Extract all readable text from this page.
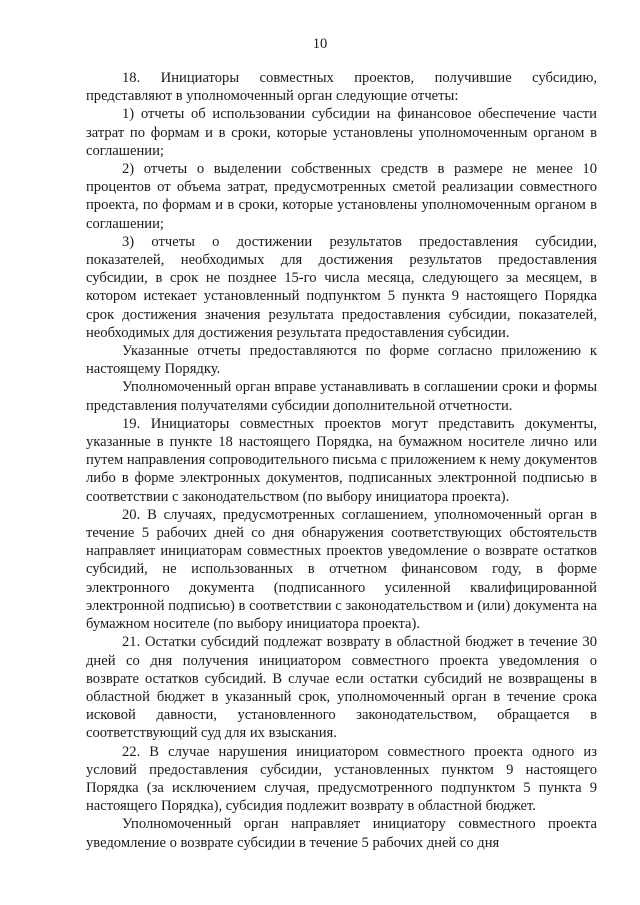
10

18. Инициаторы совместных проектов, получившие субсидию, представляют в уполномоченный орган следующие отчеты:

1) отчеты об использовании субсидии на финансовое обеспечение части затрат по формам и в сроки, которые установлены уполномоченным органом в соглашении;

2) отчеты о выделении собственных средств в размере не менее 10 процентов от объема затрат, предусмотренных сметой реализации совместного проекта, по формам и в сроки, которые установлены уполномоченным органом в соглашении;

3) отчеты о достижении результатов предоставления субсидии, показателей, необходимых для достижения результатов предоставления субсидии, в срок не позднее 15-го числа месяца, следующего за месяцем, в котором истекает установленный подпунктом 5 пункта 9 настоящего Порядка срок достижения значения результата предоставления субсидии, показателей, необходимых для достижения результата предоставления субсидии.

Указанные отчеты предоставляются по форме согласно приложению к настоящему Порядку.

Уполномоченный орган вправе устанавливать в соглашении сроки и формы представления получателями субсидии дополнительной отчетности.

19. Инициаторы совместных проектов могут представить документы, указанные в пункте 18 настоящего Порядка, на бумажном носителе лично или путем направления сопроводительного письма с приложением к нему документов либо в форме электронных документов, подписанных электронной подписью в соответствии с законодательством (по выбору инициатора проекта).

20. В случаях, предусмотренных соглашением, уполномоченный орган в течение 5 рабочих дней со дня обнаружения соответствующих обстоятельств направляет инициаторам совместных проектов уведомление о возврате остатков субсидий, не использованных в отчетном финансовом году, в форме электронного документа (подписанного усиленной квалифицированной электронной подписью) в соответствии с законодательством и (или) документа на бумажном носителе (по выбору инициатора проекта).

21. Остатки субсидий подлежат возврату в областной бюджет в течение 30 дней со дня получения инициатором совместного проекта уведомления о возврате остатков субсидий. В случае если остатки субсидий не возвращены в областной бюджет в указанный срок, уполномоченный орган в течение срока исковой давности, установленного законодательством, обращается в соответствующий суд для их взыскания.

22. В случае нарушения инициатором совместного проекта одного из условий предоставления субсидии, установленных пунктом 9 настоящего Порядка (за исключением случая, предусмотренного подпунктом 5 пункта 9 настоящего Порядка), субсидия подлежит возврату в областной бюджет.

Уполномоченный орган направляет инициатору совместного проекта уведомление о возврате субсидии в течение 5 рабочих дней со дня
